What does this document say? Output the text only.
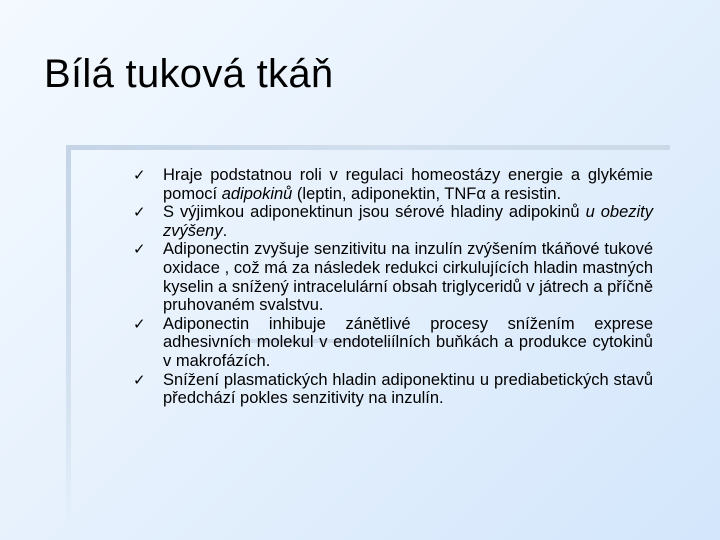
Bílá tuková tkáň
✓ Hraje podstatnou roli v regulaci homeostázy energie a glykémie pomocí adipokinů (leptin, adiponektin, TNFα a resistin.
✓ S výjimkou adiponektinun jsou sérové hladiny adipokinů u obezity zvýšeny.
✓ Adiponectin zvyšuje senzitivitu na inzulín zvýšením tkáňové tukové oxidace , což má za následek redukci cirkulujících hladin mastných kyselin a snížený intracelulární obsah triglyceridů v játrech a příčně pruhovaném svalstvu.
✓ Adiponectin inhibuje zánětlivé procesy snížením exprese adhesivních molekul v endoteliílních buňkách a produkce cytokinů v makrofázích.
✓ Snížení plasmatických hladin adiponektinu u prediabetických stavů předchází pokles senzitivity na inzulín.
